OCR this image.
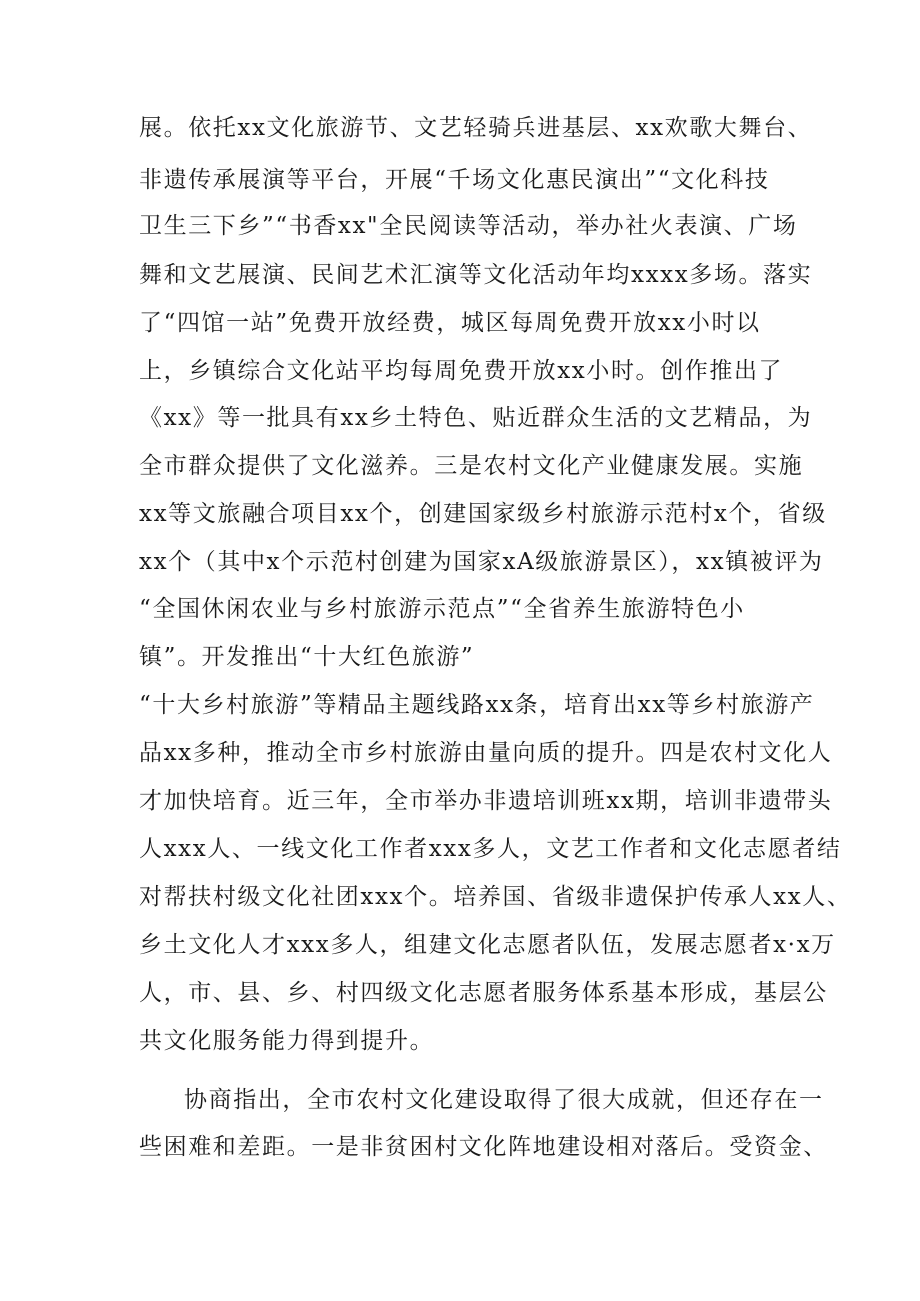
展。依托xx文化旅游节、文艺轻骑兵进基层、xx欢歌大舞台、
非遗传承展演等平台，开展“千场文化惠民演出”“文化科技
卫生三下乡”“书香xx"全民阅读等活动，举办社火表演、广场
舞和文艺展演、民间艺术汇演等文化活动年均xxxx多场。落实
了“四馆一站”免费开放经费，城区每周免费开放xx小时以
上，乡镇综合文化站平均每周免费开放xx小时。创作推出了
《xx》等一批具有xx乡土特色、贴近群众生活的文艺精品，为
全市群众提供了文化滋养。三是农村文化产业健康发展。实施
xx等文旅融合项目xx个，创建国家级乡村旅游示范村x个，省级
xx个（其中x个示范村创建为国家xA级旅游景区），xx镇被评为
“全国休闲农业与乡村旅游示范点”“全省养生旅游特色小
镇”。开发推出“十大红色旅游”
“十大乡村旅游”等精品主题线路xx条，培育出xx等乡村旅游产
品xx多种，推动全市乡村旅游由量向质的提升。四是农村文化人
才加快培育。近三年，全市举办非遗培训班xx期，培训非遗带头
人xxx人、一线文化工作者xxx多人，文艺工作者和文化志愿者结
对帮扶村级文化社团xxx个。培养国、省级非遗保护传承人xx人、
乡土文化人才xxx多人，组建文化志愿者队伍，发展志愿者x·x万
人，市、县、乡、村四级文化志愿者服务体系基本形成，基层公
共文化服务能力得到提升。
协商指出，全市农村文化建设取得了很大成就，但还存在一
些困难和差距。一是非贫困村文化阵地建设相对落后。受资金、
